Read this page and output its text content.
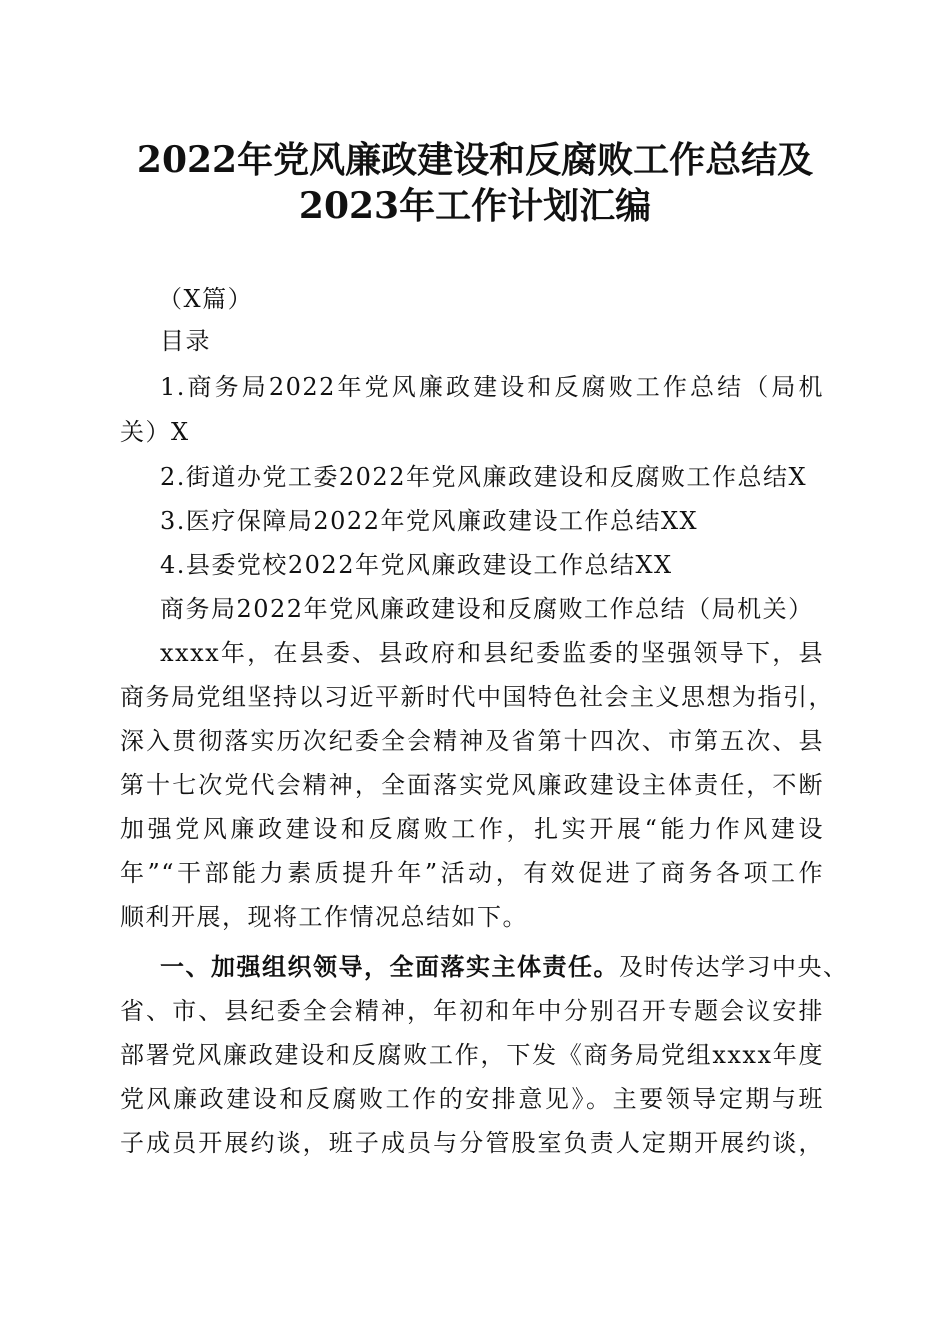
2022年党风廉政建设和反腐败工作总结及
2023年工作计划汇编
（X篇）
目录
1.商务局2022年党风廉政建设和反腐败工作总结（局机
关）X
2.街道办党工委2022年党风廉政建设和反腐败工作总结X
3.医疗保障局2022年党风廉政建设工作总结XX
4.县委党校2022年党风廉政建设工作总结XX
商务局2022年党风廉政建设和反腐败工作总结（局机关）
xxxx年，在县委、县政府和县纪委监委的坚强领导下，县
商务局党组坚持以习近平新时代中国特色社会主义思想为指引，
深入贯彻落实历次纪委全会精神及省第十四次、市第五次、县
第十七次党代会精神，全面落实党风廉政建设主体责任，不断
加强党风廉政建设和反腐败工作，扎实开展“能力作风建设
年”“干部能力素质提升年”活动，有效促进了商务各项工作
顺利开展，现将工作情况总结如下。
一、加强组织领导，全面落实主体责任。及时传达学习中央、
省、市、县纪委全会精神，年初和年中分别召开专题会议安排
部署党风廉政建设和反腐败工作，下发《商务局党组xxxx年度
党风廉政建设和反腐败工作的安排意见》。主要领导定期与班
子成员开展约谈，班子成员与分管股室负责人定期开展约谈，
